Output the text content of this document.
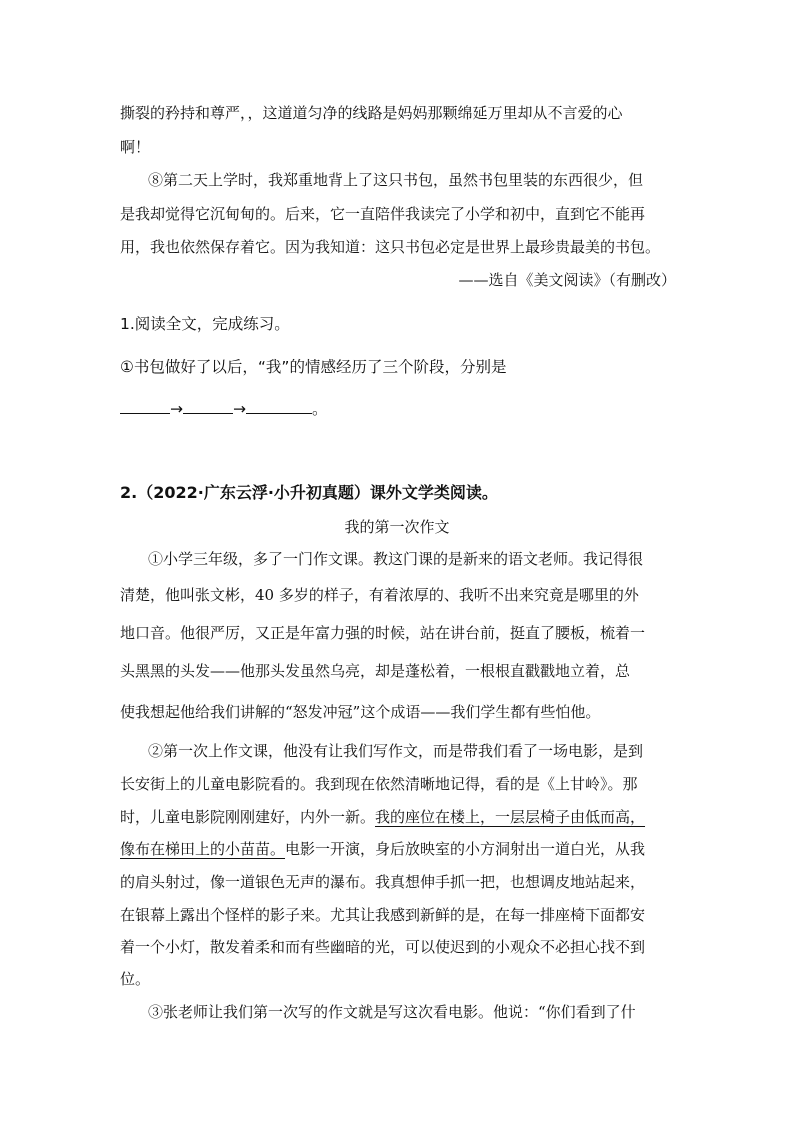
撕裂的矜持和尊严，，这道道匀净的线路是妈妈那颗绵延万里却从不言爱的心
啊！
⑧第二天上学时，我郑重地背上了这只书包，虽然书包里装的东西很少，但
是我却觉得它沉甸甸的。后来，它一直陪伴我读完了小学和初中，直到它不能再
用，我也依然保存着它。因为我知道：这只书包必定是世界上最珍贵最美的书包。
——选自《美文阅读》（有删改）
1.阅读全文，完成练习。
①书包做好了以后，“我”的情感经历了三个阶段，分别是
→	→	。
2.（2022·广东云浮·小升初真题）课外文学类阅读。
我的第一次作文
①小学三年级，多了一门作文课。教这门课的是新来的语文老师。我记得很
清楚，他叫张文彬，40 多岁的样子，有着浓厚的、我听不出来究竟是哪里的外
地口音。他很严厉，又正是年富力强的时候，站在讲台前，挺直了腰板，梳着一
头黑黑的头发——他那头发虽然乌亮，却是蓬松着，一根根直戳戳地立着，总
使我想起他给我们讲解的“怒发冲冠”这个成语——我们学生都有些怕他。
②第一次上作文课，他没有让我们写作文，而是带我们看了一场电影，是到
长安街上的儿童电影院看的。我到现在依然清晰地记得，看的是《上甘岭》。那
时，儿童电影院刚刚建好，内外一新。我的座位在楼上，一层层椅子由低而高，
像布在梯田上的小苗苗。电影一开演，身后放映室的小方洞射出一道白光，从我
的肩头射过，像一道银色无声的瀑布。我真想伸手抓一把，也想调皮地站起来，
在银幕上露出个怪样的影子来。尤其让我感到新鲜的是，在每一排座椅下面都安
着一个小灯，散发着柔和而有些幽暗的光，可以使迟到的小观众不必担心找不到
位。
③张老师让我们第一次写的作文就是写这次看电影。他说：“你们看到了什
